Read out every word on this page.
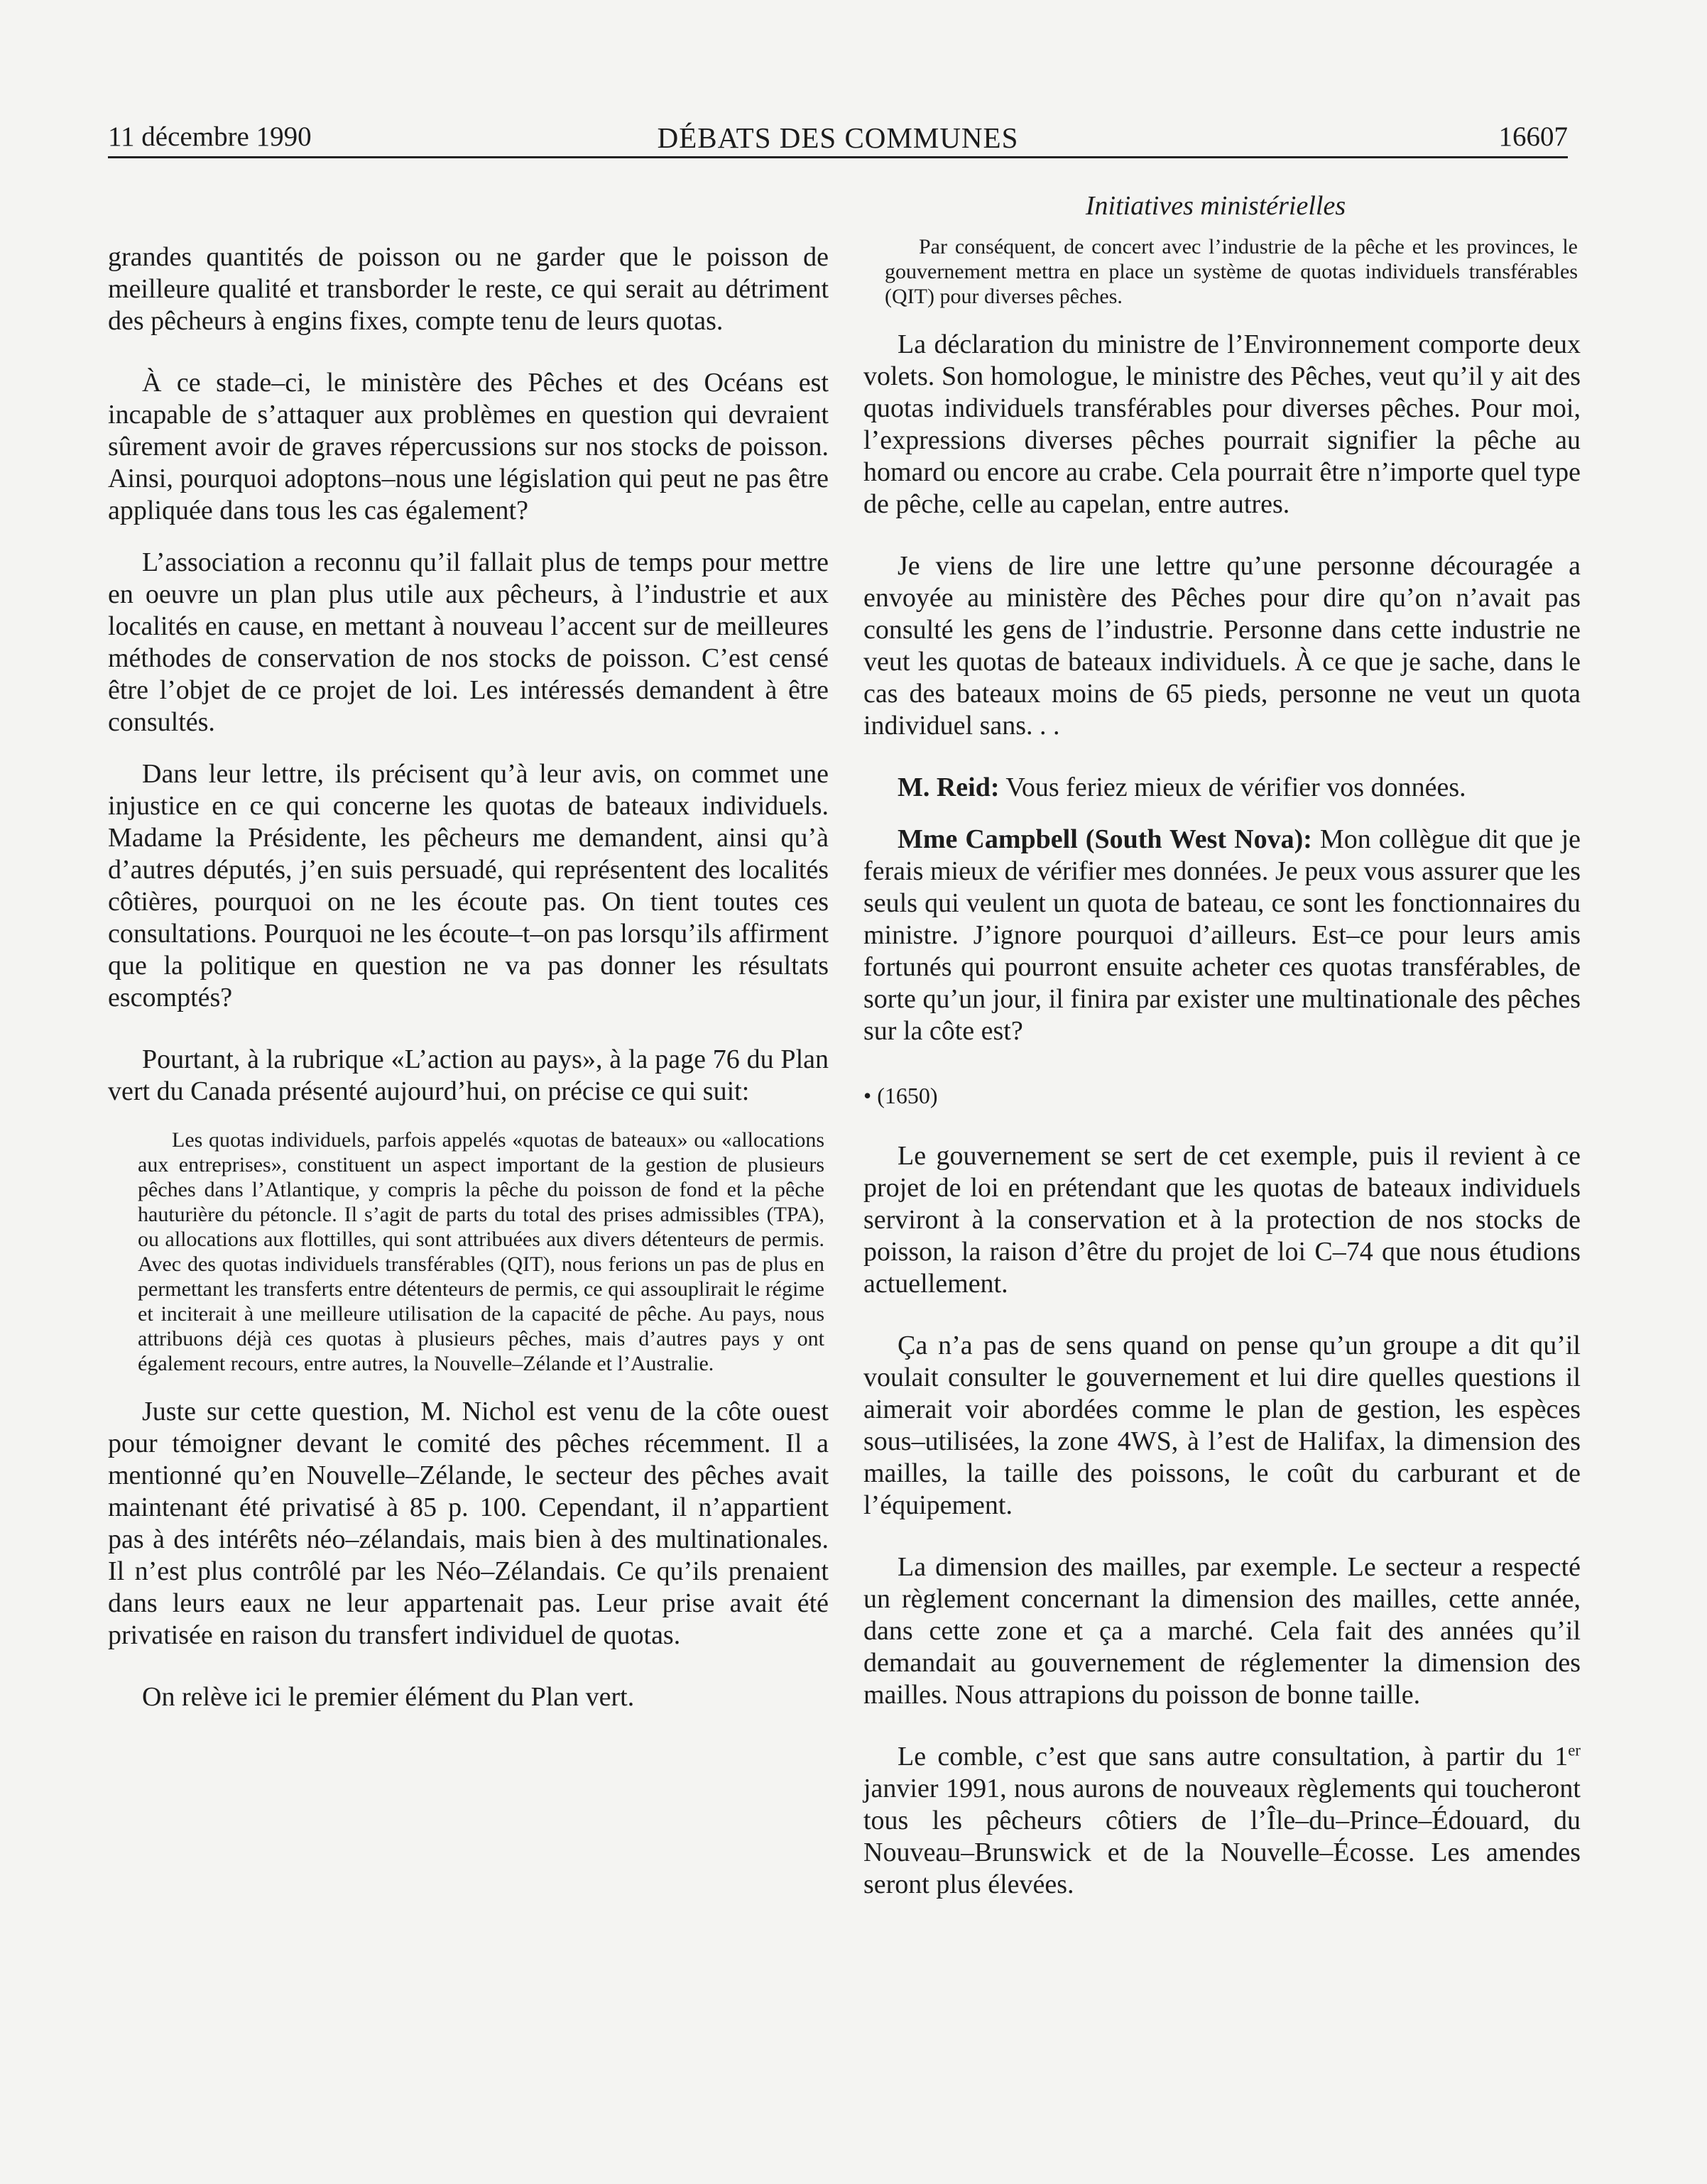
11 décembre 1990	DÉBATS DES COMMUNES	16607
Initiatives ministérielles

grandes quantités de poisson ou ne garder que le poisson de meilleure qualité et transborder le reste, ce qui serait au détriment des pêcheurs à engins fixes, compte tenu de leurs quotas.

À ce stade–ci, le ministère des Pêches et des Océans est incapable de s’attaquer aux problèmes en question qui devraient sûrement avoir de graves répercussions sur nos stocks de poisson. Ainsi, pourquoi adoptons–nous une législation qui peut ne pas être appliquée dans tous les cas également?

L’association a reconnu qu’il fallait plus de temps pour mettre en oeuvre un plan plus utile aux pêcheurs, à l’industrie et aux localités en cause, en mettant à nouveau l’accent sur de meilleures méthodes de conservation de nos stocks de poisson. C’est censé être l’objet de ce projet de loi. Les intéressés demandent à être consultés.

Dans leur lettre, ils précisent qu’à leur avis, on commet une injustice en ce qui concerne les quotas de bateaux individuels. Madame la Présidente, les pêcheurs me demandent, ainsi qu’à d’autres députés, j’en suis persuadé, qui représentent des localités côtières, pourquoi on ne les écoute pas. On tient toutes ces consultations. Pourquoi ne les écoute–t–on pas lorsqu’ils affirment que la politique en question ne va pas donner les résultats escomptés?

Pourtant, à la rubrique «L’action au pays», à la page 76 du Plan vert du Canada présenté aujourd’hui, on précise ce qui suit:

Les quotas individuels, parfois appelés «quotas de bateaux» ou «allocations aux entreprises», constituent un aspect important de la gestion de plusieurs pêches dans l’Atlantique, y compris la pêche du poisson de fond et la pêche hauturière du pétoncle. Il s’agit de parts du total des prises admissibles (TPA), ou allocations aux flottilles, qui sont attribuées aux divers détenteurs de permis. Avec des quotas individuels transférables (QIT), nous ferions un pas de plus en permettant les transferts entre détenteurs de permis, ce qui assouplirait le régime et inciterait à une meilleure utilisation de la capacité de pêche. Au pays, nous attribuons déjà ces quotas à plusieurs pêches, mais d’autres pays y ont également recours, entre autres, la Nouvelle–Zélande et l’Australie.

Juste sur cette question, M. Nichol est venu de la côte ouest pour témoigner devant le comité des pêches récemment. Il a mentionné qu’en Nouvelle–Zélande, le secteur des pêches avait maintenant été privatisé à 85 p. 100. Cependant, il n’appartient pas à des intérêts néo–zélandais, mais bien à des multinationales. Il n’est plus contrôlé par les Néo–Zélandais. Ce qu’ils prenaient dans leurs eaux ne leur appartenait pas. Leur prise avait été privatisée en raison du transfert individuel de quotas.

On relève ici le premier élément du Plan vert.

Par conséquent, de concert avec l’industrie de la pêche et les provinces, le gouvernement mettra en place un système de quotas individuels transférables (QIT) pour diverses pêches.

La déclaration du ministre de l’Environnement comporte deux volets. Son homologue, le ministre des Pêches, veut qu’il y ait des quotas individuels transférables pour diverses pêches. Pour moi, l’expressions diverses pêches pourrait signifier la pêche au homard ou encore au crabe. Cela pourrait être n’importe quel type de pêche, celle au capelan, entre autres.

Je viens de lire une lettre qu’une personne découragée a envoyée au ministère des Pêches pour dire qu’on n’avait pas consulté les gens de l’industrie. Personne dans cette industrie ne veut les quotas de bateaux individuels. À ce que je sache, dans le cas des bateaux moins de 65 pieds, personne ne veut un quota individuel sans. . .

M. Reid: Vous feriez mieux de vérifier vos données.

Mme Campbell (South West Nova): Mon collègue dit que je ferais mieux de vérifier mes données. Je peux vous assurer que les seuls qui veulent un quota de bateau, ce sont les fonctionnaires du ministre. J’ignore pourquoi d’ailleurs. Est–ce pour leurs amis fortunés qui pourront ensuite acheter ces quotas transférables, de sorte qu’un jour, il finira par exister une multinationale des pêches sur la côte est?

• (1650)

Le gouvernement se sert de cet exemple, puis il revient à ce projet de loi en prétendant que les quotas de bateaux individuels serviront à la conservation et à la protection de nos stocks de poisson, la raison d’être du projet de loi C–74 que nous étudions actuellement.

Ça n’a pas de sens quand on pense qu’un groupe a dit qu’il voulait consulter le gouvernement et lui dire quelles questions il aimerait voir abordées comme le plan de gestion, les espèces sous–utilisées, la zone 4WS, à l’est de Halifax, la dimension des mailles, la taille des poissons, le coût du carburant et de l’équipement.

La dimension des mailles, par exemple. Le secteur a respecté un règlement concernant la dimension des mailles, cette année, dans cette zone et ça a marché. Cela fait des années qu’il demandait au gouvernement de réglementer la dimension des mailles. Nous attrapions du poisson de bonne taille.

Le comble, c’est que sans autre consultation, à partir du 1er janvier 1991, nous aurons de nouveaux règlements qui toucheront tous les pêcheurs côtiers de l’Île–du–Prince–Édouard, du Nouveau–Brunswick et de la Nouvelle–Écosse. Les amendes seront plus élevées.
